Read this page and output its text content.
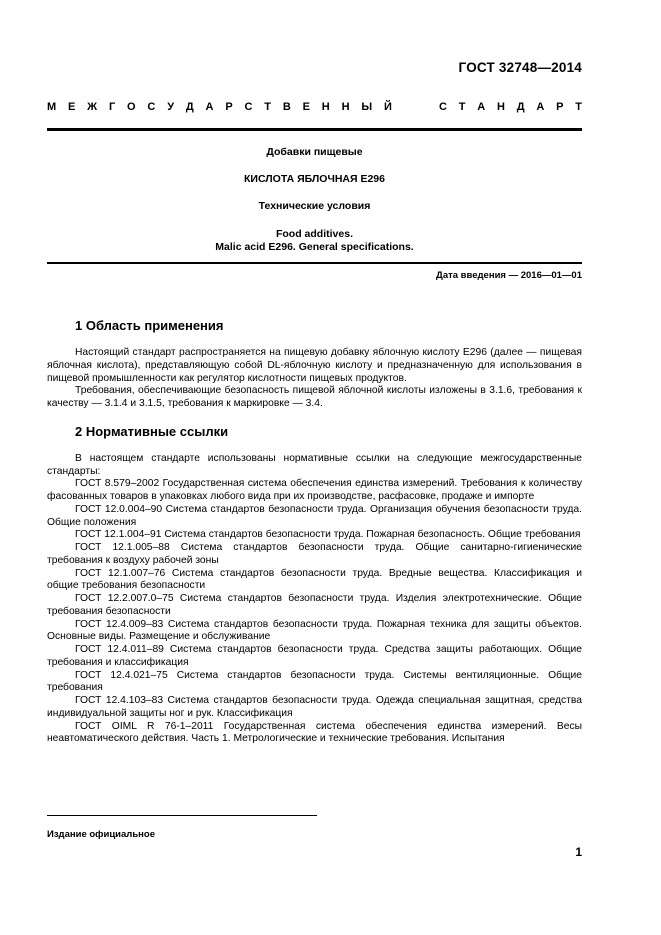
ГОСТ 32748—2014
М Е Ж Г О С У Д А Р С Т В Е Н Н Ы Й	С Т А Н Д А Р Т
Добавки пищевые
КИСЛОТА ЯБЛОЧНАЯ Е296
Технические условия
Food additives.
Malic acid E296. General specifications.
Дата введения — 2016—01—01
1 Область применения

Настоящий стандарт распространяется на пищевую добавку яблочную кислоту Е296 (далее — пищевая яблочная кислота), представляющую собой DL-яблочную кислоту и предназначенную для использования в пищевой промышленности как регулятор кислотности пищевых продуктов.

Требования, обеспечивающие безопасность пищевой яблочной кислоты изложены в 3.1.6, требования к качеству — 3.1.4 и 3.1.5, требования к маркировке — 3.4.

2 Нормативные ссылки

В настоящем стандарте использованы нормативные ссылки на следующие межгосударственные стандарты:

ГОСТ 8.579–2002 Государственная система обеспечения единства измерений. Требования к количеству фасованных товаров в упаковках любого вида при их производстве, расфасовке, продаже и импорте

ГОСТ 12.0.004–90 Система стандартов безопасности труда. Организация обучения безопасности труда. Общие положения

ГОСТ 12.1.004–91 Система стандартов безопасности труда. Пожарная безопасность. Общие требования

ГОСТ 12.1.005–88 Система стандартов безопасности труда. Общие санитарно-гигиенические требования к воздуху рабочей зоны

ГОСТ 12.1.007–76 Система стандартов безопасности труда. Вредные вещества. Классификация и общие требования безопасности

ГОСТ 12.2.007.0–75 Система стандартов безопасности труда. Изделия электротехнические. Общие требования безопасности

ГОСТ 12.4.009–83 Система стандартов безопасности труда. Пожарная техника для защиты объектов. Основные виды. Размещение и обслуживание

ГОСТ 12.4.011–89 Система стандартов безопасности труда. Средства защиты работающих. Общие требования и классификация

ГОСТ 12.4.021–75 Система стандартов безопасности труда. Системы вентиляционные. Общие требования

ГОСТ 12.4.103–83 Система стандартов безопасности труда. Одежда специальная защитная, средства индивидуальной защиты ног и рук. Классификация

ГОСТ OIML R 76-1–2011 Государственная система обеспечения единства измерений. Весы неавтоматического действия. Часть 1. Метрологические и технические требования. Испытания

Издание официальное
1
